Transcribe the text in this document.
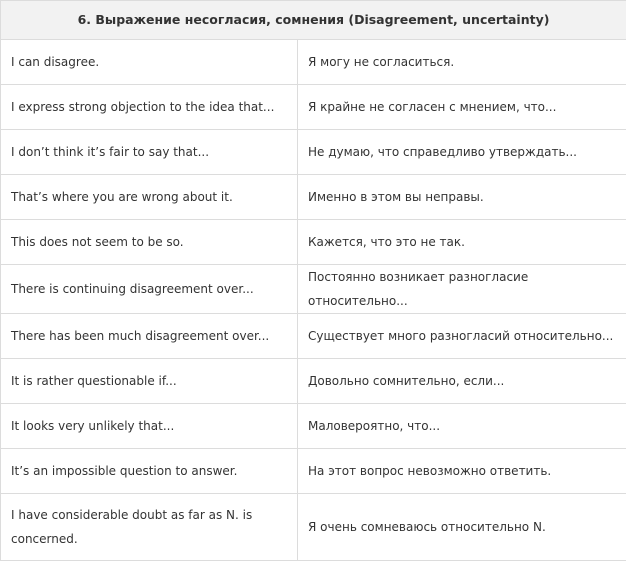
6. Выражение несогласия, сомнения (Disagreement, uncertainty)	
I can disagree.	Я могу не согласиться.
I express strong objection to the idea that...	Я крайне не согласен с мнением, что...
I don’t think it’s fair to say that...	Не думаю, что справедливо утверждать...
That’s where you are wrong about it.	Именно в этом вы неправы.
This does not seem to be so.	Кажется, что это не так.
There is continuing disagreement over...	Постоянно возникает разногласие относительно...
There has been much disagreement over...	Существует много разногласий относительно...
It is rather questionable if...	Довольно сомнительно, если...
It looks very unlikely that...	Маловероятно, что...
It’s an impossible question to answer.	На этот вопрос невозможно ответить.
I have considerable doubt as far as N. is concerned.	Я очень сомневаюсь относительно N.
